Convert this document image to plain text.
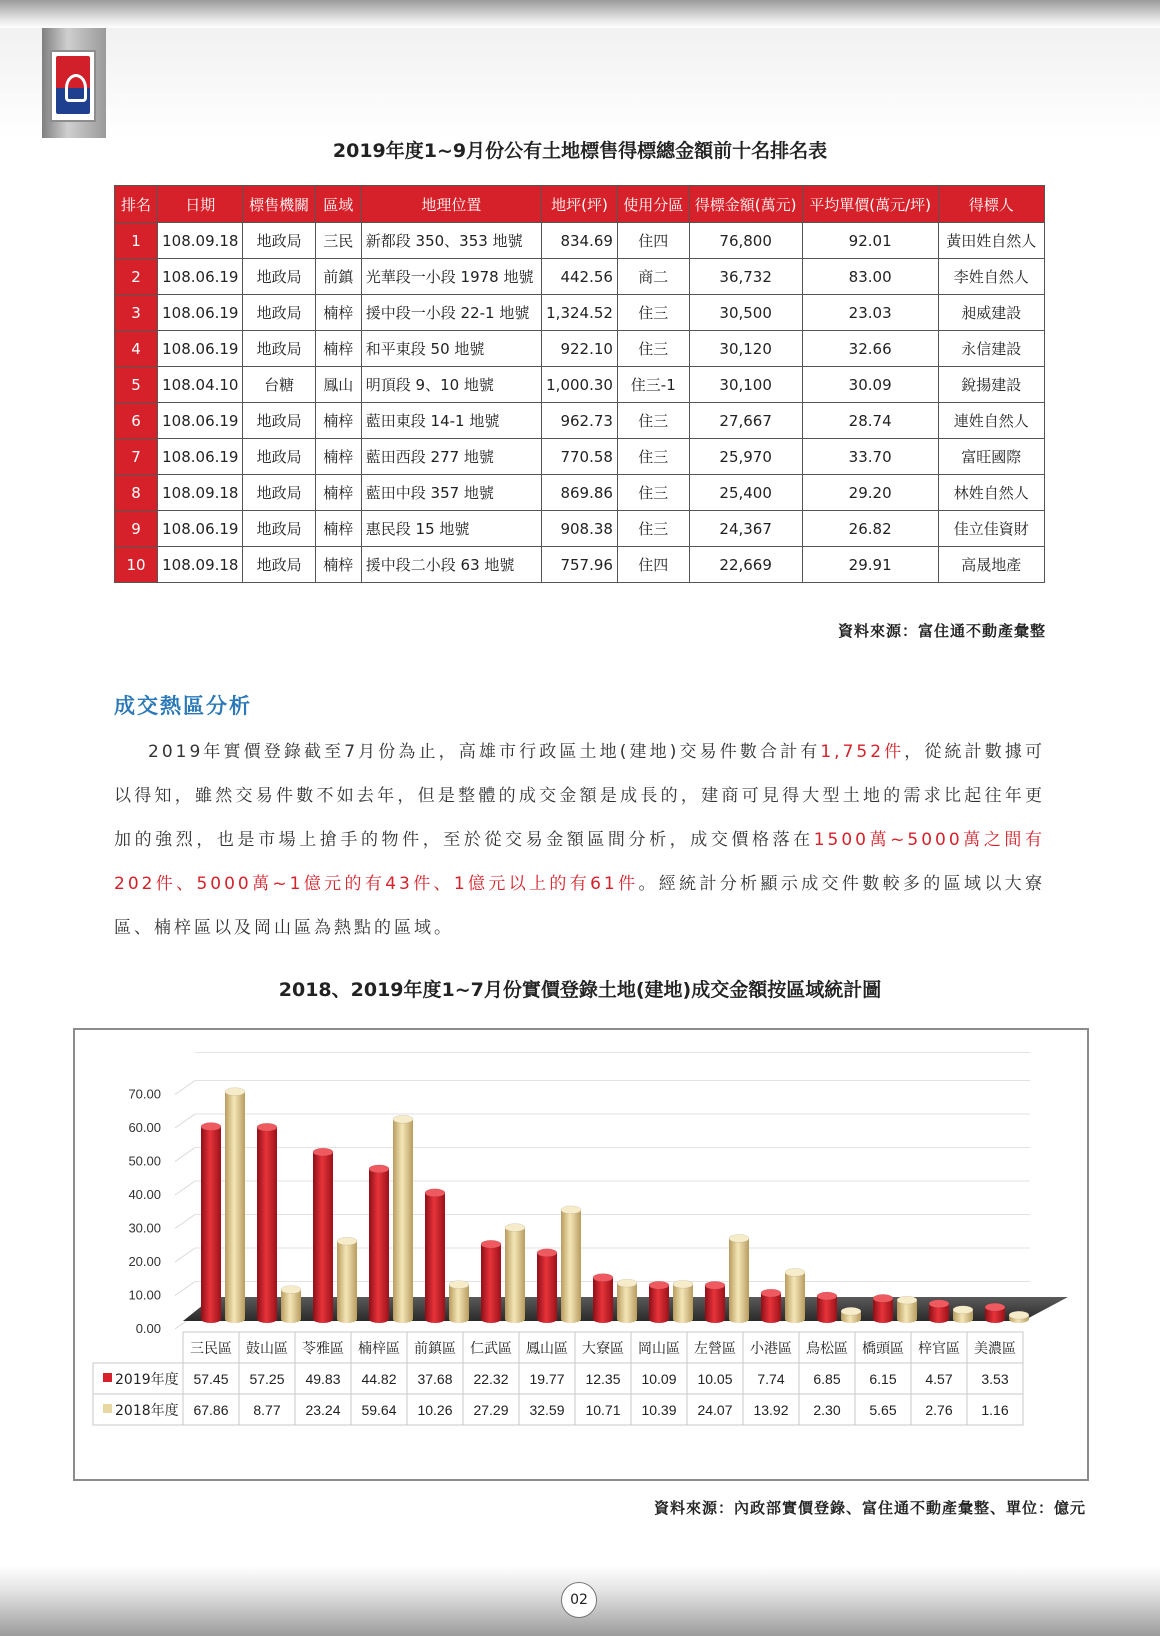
2019年度1~9月份公有土地標售得標總金額前十名排名表
排名	日期	標售機關	區域	地理位置	地坪(坪)	使用分區	得標金額(萬元)	平均單價(萬元/坪)	得標人
1	108.09.18	地政局	三民	新都段 350、353 地號	834.69	住四	76,800	92.01	黃田姓自然人
2	108.06.19	地政局	前鎮	光華段一小段 1978 地號	442.56	商二	36,732	83.00	李姓自然人
3	108.06.19	地政局	楠梓	援中段一小段 22-1 地號	1,324.52	住三	30,500	23.03	昶威建設
4	108.06.19	地政局	楠梓	和平東段 50 地號	922.10	住三	30,120	32.66	永信建設
5	108.04.10	台糖	鳳山	明頂段 9、10 地號	1,000.30	住三-1	30,100	30.09	銳揚建設
6	108.06.19	地政局	楠梓	藍田東段 14-1 地號	962.73	住三	27,667	28.74	連姓自然人
7	108.06.19	地政局	楠梓	藍田西段 277 地號	770.58	住三	25,970	33.70	富旺國際
8	108.09.18	地政局	楠梓	藍田中段 357 地號	869.86	住三	25,400	29.20	林姓自然人
9	108.06.19	地政局	楠梓	惠民段 15 地號	908.38	住三	24,367	26.82	佳立佳資財
10	108.09.18	地政局	楠梓	援中段二小段 63 地號	757.96	住四	22,669	29.91	高晟地產
資料來源：富住通不動產彙整
成交熱區分析
2019年實價登錄截至7月份為止，高雄市行政區土地(建地)交易件數合計有1,752件，從統計數據可以得知，雖然交易件數不如去年，但是整體的成交金額是成長的，建商可見得大型土地的需求比起往年更加的強烈，也是市場上搶手的物件，至於從交易金額區間分析，成交價格落在1500萬~5000萬之間有202件、5000萬~1億元的有43件、1億元以上的有61件。經統計分析顯示成交件數較多的區域以大寮區、楠梓區以及岡山區為熱點的區域。
2018、2019年度1~7月份實價登錄土地(建地)成交金額按區域統計圖
0.00
10.00
20.00
30.00
40.00
50.00
60.00
70.00
三民區 鼓山區 苓雅區 楠梓區 前鎮區 仁武區 鳳山區 大寮區 岡山區 左營區 小港區 鳥松區 橋頭區 梓官區 美濃區
2019年度 57.45 57.25 49.83 44.82 37.68 22.32 19.77 12.35 10.09 10.05 7.74 6.85 6.15 4.57 3.53
2018年度 67.86 8.77 23.24 59.64 10.26 27.29 32.59 10.71 10.39 24.07 13.92 2.30 5.65 2.76 1.16
資料來源：內政部實價登錄、富住通不動產彙整、單位：億元
02
